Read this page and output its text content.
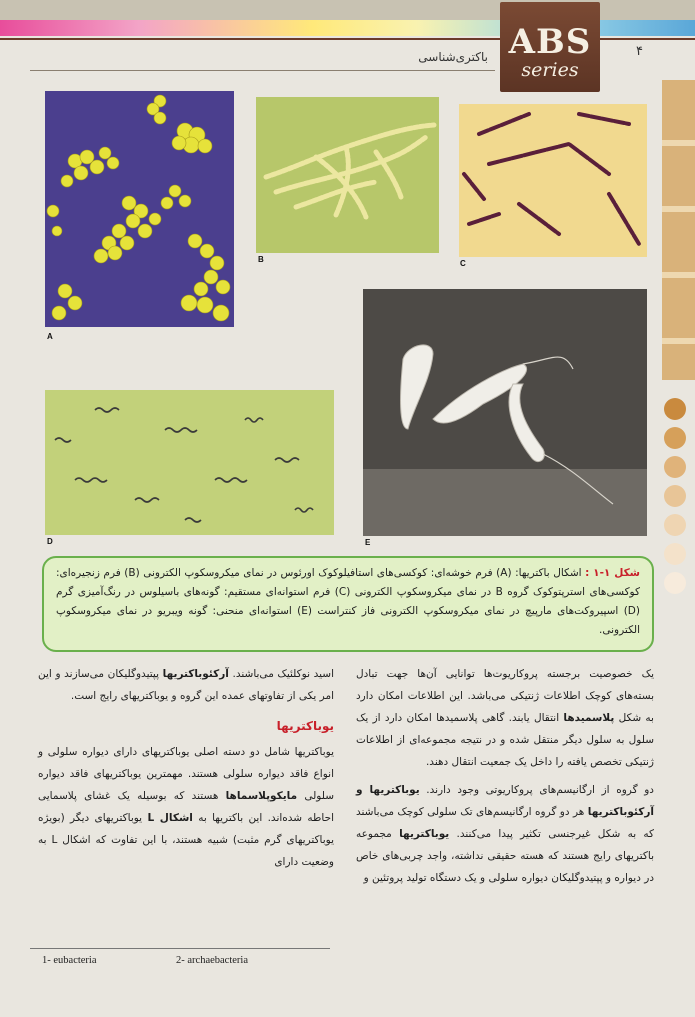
ABS
series
۴
باکتری‌شناسی
A
B	C
D	E
شکل ۱-۱ : اشکال باکتریها: (A) فرم خوشه‌ای: کوکسی‌های استافیلوکوک اورئوس در نمای میکروسکوپ الکترونی (B) فرم زنجیره‌ای: کوکسی‌های استرپتوکوک گروه B در نمای میکروسکوپ الکترونی (C) فرم استوانه‌ای مستقیم: گونه‌های باسیلوس در رنگ‌آمیزی گرم (D) اسپیروکت‌های مارپیچ در نمای میکروسکوپ الکترونی فاز کنتراست (E) استوانه‌ای منحنی: گونه ویبریو در نمای میکروسکوپ الکترونی.

یک خصوصیت برجسته پروکاریوت‌ها توانایی آن‌ها جهت تبادل بسته‌های کوچک اطلاعات ژنتیکی می‌باشد. این اطلاعات امکان دارد به شکل پلاسمیدها انتقال یابند. گاهی پلاسمیدها امکان دارد از یک سلول به سلول دیگر منتقل شده و در نتیجه مجموعه‌ای از اطلاعات ژنتیکی تخصص یافته را داخل یک جمعیت انتقال دهند.

دو گروه از ارگانیسم‌های پروکاریوتی وجود دارند. یوباکتریها و آرکئوباکتریها هر دو گروه ارگانیسم‌های تک سلولی کوچک می‌باشند که به شکل غیرجنسی تکثیر پیدا می‌کنند. یوباکتریها مجموعه باکتریهای رایج هستند که هسته حقیقی نداشته، واجد چربی‌های خاص در دیواره و پپتیدوگلیکان دیواره سلولی و یک دستگاه تولید پروتئین و

اسید نوکلئیک می‌باشند. آرکئوباکتریها پپتیدوگلیکان می‌سازند و این امر یکی از تفاوتهای عمده این گروه و یوباکتریهای رایج است.

یوباکتریها

یوباکتریها شامل دو دسته اصلی یوباکتریهای دارای دیواره سلولی و انواع فاقد دیواره سلولی هستند. مهمترین یوباکتریهای فاقد دیواره سلولی مایکوپلاسماها هستند که بوسیله یک غشای پلاسمایی احاطه شده‌اند. این باکتریها به اشکال L یوباکتریهای دیگر (بویژه یوباکتریهای گرم مثبت) شبیه هستند، با این تفاوت که اشکال L به وضعیت دارای

1- eubacteria	2- archaebacteria
